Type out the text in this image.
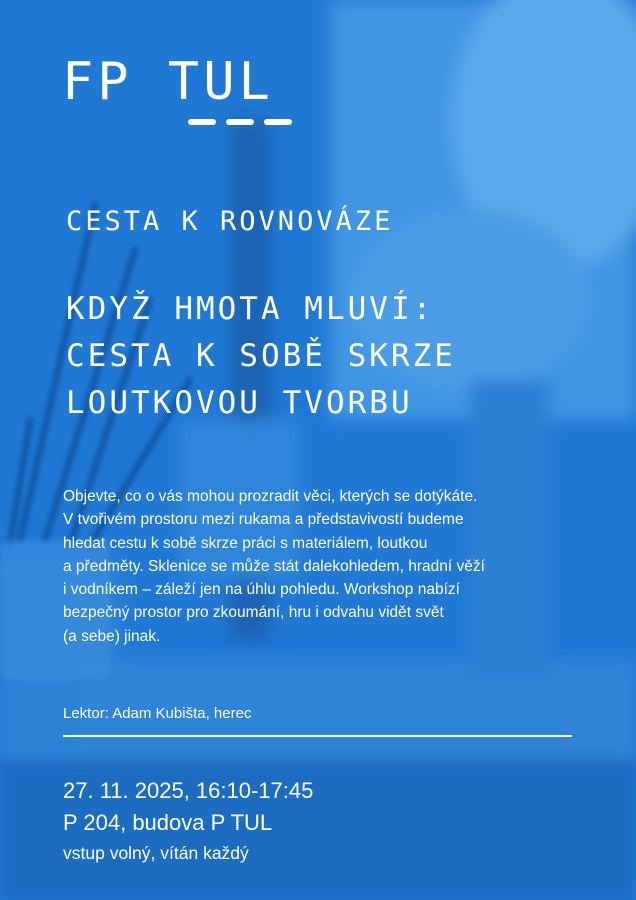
FP TUL
CESTA K ROVNOVÁZE
KDYŽ HMOTA MLUVÍ:
CESTA K SOBĚ SKRZE
LOUTKOVOU TVORBU
Objevte, co o vás mohou prozradit věci, kterých se dotýkáte.
V tvořivém prostoru mezi rukama a představivostí budeme
hledat cestu k sobě skrze práci s materiálem, loutkou
a předměty. Sklenice se může stát dalekohledem, hradní věží
i vodníkem – záleží jen na úhlu pohledu. Workshop nabízí
bezpečný prostor pro zkoumání, hru i odvahu vidět svět
(a sebe) jinak.
Lektor: Adam Kubišta, herec
27. 11. 2025, 16:10-17:45
P 204, budova P TUL
vstup volný, vítán každý
